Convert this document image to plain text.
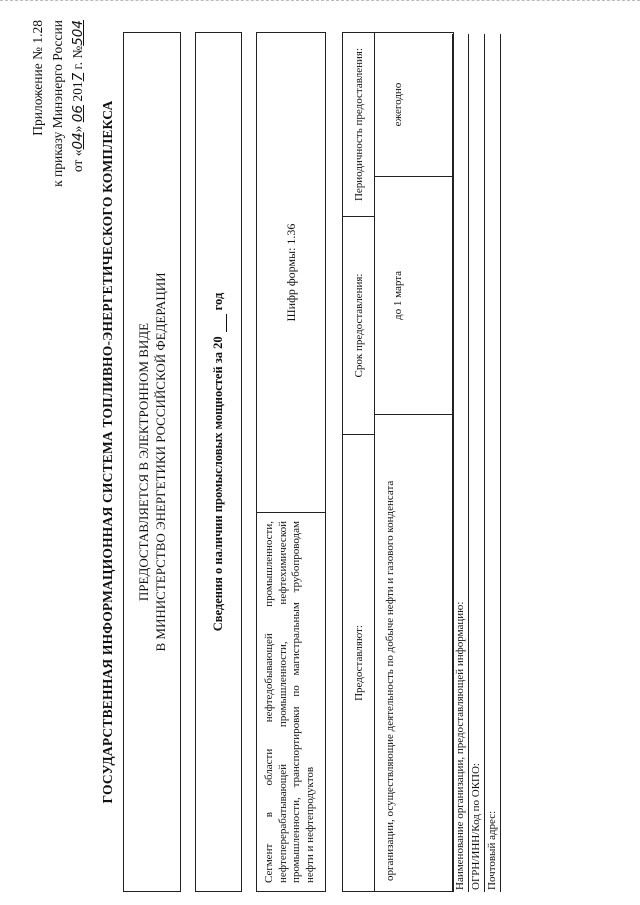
Приложение № 1.28 к приказу Минэнерго России от «04» 06 2017 г. №504
ГОСУДАРСТВЕННАЯ ИНФОРМАЦИОННАЯ СИСТЕМА ТОПЛИВНО-ЭНЕРГЕТИЧЕСКОГО КОМПЛЕКСА ПРЕДОСТАВЛЯЕТСЯ В ЭЛЕКТРОННОМ ВИДЕ В МИНИСТЕРСТВО ЭНЕРГЕТИКИ РОССИЙСКОЙ ФЕДЕРАЦИИ	Сведения о наличии промысловых мощностей за 20

год
Сегмент в области нефтедобывающей промышленности, нефтеперерабатывающей промышленности, нефтехимической промышленности, транспортировки по магистральным трубопроводам нефти и нефтепродуктов
Шифр формы: 1.36
Предоставляют:
Срок предоставления:
Периодичность предоставления:
организации, осуществляющие деятельность по добыче нефти и газового конденсата
до 1 марта
ежегодно
Наименование организации, предоставляющей информацию: ОГРН/ИНН/Код по ОКПО: Почтовый адрес:
